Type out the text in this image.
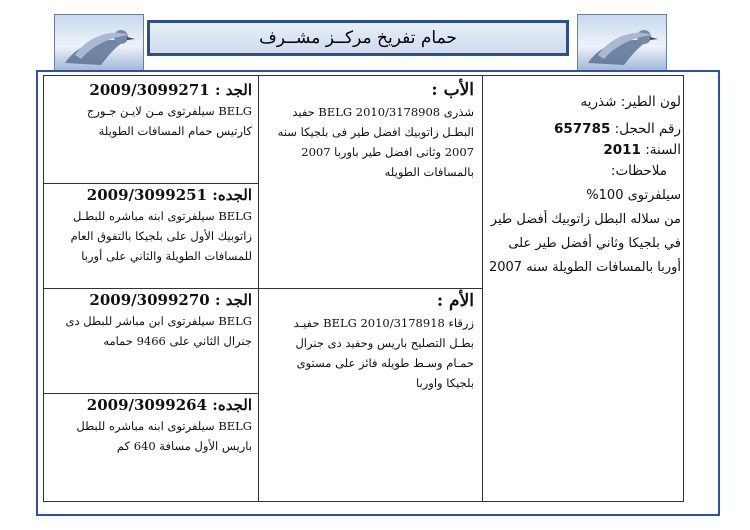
حمام تفريخ مركــز مشــرف
لون الطير: شذريه
رقم الحجل: 657785
السنة: 2011
ملاحظات:
سيلفرتوى 100%
من سلاله البطل زاتوبيك أفضل طير في بلجيكا وثاني أفضل طير على أوربا بالمسافات الطويلة سنه 2007
الأب :
شذرى BELG 2010/3178908 حفيد البطـل زاتوبيك افضل طير فى بلجيكا سنه 2007 وثانى افضل طير باوربا 2007 بالمسافات الطويله
الأم :
زرقاء BELG 2010/3178918 حفيـد بطـل التصليح باريس وحفيد دى جنرال حمـام وسـط طويله فائز على مستوى بلجيكا واوربا
الجد : 2009/3099271
BELG سيلفرتوى مـن لايـن جـورج كارتيس حمام المسافات الطويلة
الجده: 2009/3099251
BELG سيلفرتوى ابنه مباشره للبطـل زاتوبيك الأول على بلجيكا بالتفوق العام للمسافات الطويلة والثاني على أوربا
الجد : 2009/3099270
BELG سيلفرتوى ابن مباشر للبطل دى جنرال الثاني على 9466 حمامه
الجده: 2009/3099264
BELG سيلفرتوى ابنه مباشره للبطل باريس الأول مسافة 640 كم
